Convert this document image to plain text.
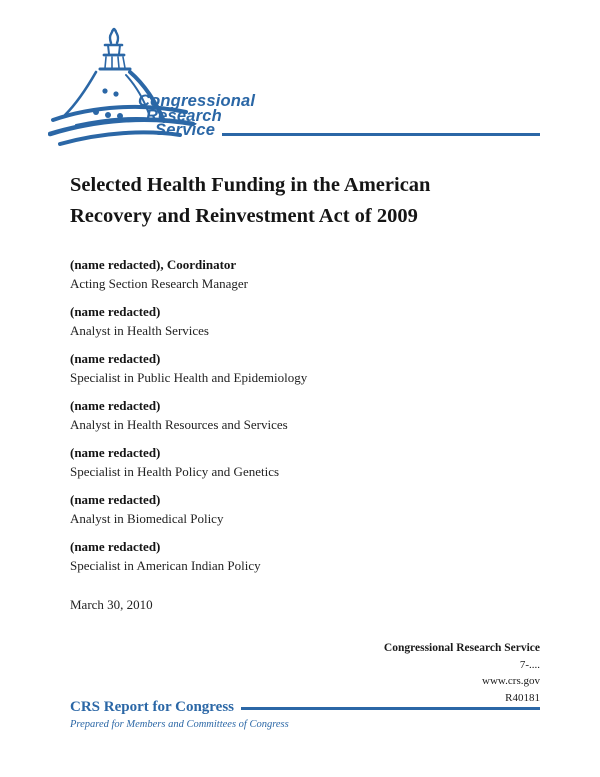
Congressional
Research
Service
Selected Health Funding in the American
Recovery and Reinvestment Act of 2009
(name redacted), Coordinator
Acting Section Research Manager
(name redacted)
Analyst in Health Services
(name redacted)
Specialist in Public Health and Epidemiology
(name redacted)
Analyst in Health Resources and Services
(name redacted)
Specialist in Health Policy and Genetics
(name redacted)
Analyst in Biomedical Policy
(name redacted)
Specialist in American Indian Policy
March 30, 2010
Congressional Research Service
7-....
www.crs.gov
R40181
CRS Report for Congress
Prepared for Members and Committees of Congress
